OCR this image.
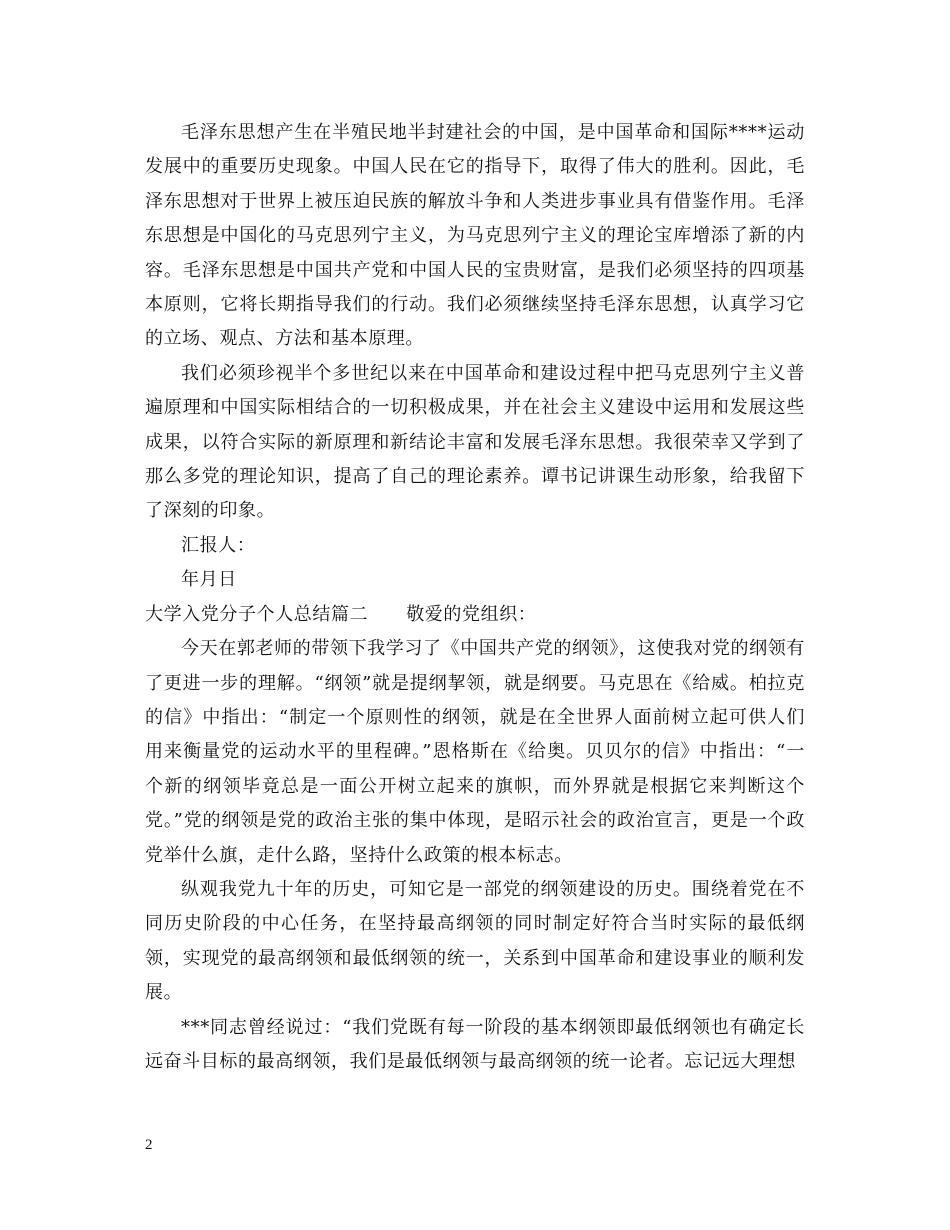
毛泽东思想产生在半殖民地半封建社会的中国，是中国革命和国际****运动发展中的重要历史现象。中国人民在它的指导下，取得了伟大的胜利。因此，毛泽东思想对于世界上被压迫民族的解放斗争和人类进步事业具有借鉴作用。毛泽东思想是中国化的马克思列宁主义，为马克思列宁主义的理论宝库增添了新的内容。毛泽东思想是中国共产党和中国人民的宝贵财富，是我们必须坚持的四项基本原则，它将长期指导我们的行动。我们必须继续坚持毛泽东思想，认真学习它的立场、观点、方法和基本原理。

我们必须珍视半个多世纪以来在中国革命和建设过程中把马克思列宁主义普遍原理和中国实际相结合的一切积极成果，并在社会主义建设中运用和发展这些成果，以符合实际的新原理和新结论丰富和发展毛泽东思想。我很荣幸又学到了那么多党的理论知识，提高了自己的理论素养。谭书记讲课生动形象，给我留下了深刻的印象。

汇报人：

年月日

大学入党分子个人总结篇二 敬爱的党组织：

今天在郭老师的带领下我学习了《中国共产党的纲领》，这使我对党的纲领有了更进一步的理解。“纲领”就是提纲挈领，就是纲要。马克思在《给威。柏拉克的信》中指出：“制定一个原则性的纲领，就是在全世界人面前树立起可供人们用来衡量党的运动水平的里程碑。”恩格斯在《给奥。贝贝尔的信》中指出：“一个新的纲领毕竟总是一面公开树立起来的旗帜，而外界就是根据它来判断这个党。”党的纲领是党的政治主张的集中体现，是昭示社会的政治宣言，更是一个政党举什么旗，走什么路，坚持什么政策的根本标志。

纵观我党九十年的历史，可知它是一部党的纲领建设的历史。围绕着党在不同历史阶段的中心任务，在坚持最高纲领的同时制定好符合当时实际的最低纲领，实现党的最高纲领和最低纲领的统一，关系到中国革命和建设事业的顺利发展。

***同志曾经说过：“我们党既有每一阶段的基本纲领即最低纲领也有确定长远奋斗目标的最高纲领，我们是最低纲领与最高纲领的统一论者。忘记远大理想

2
